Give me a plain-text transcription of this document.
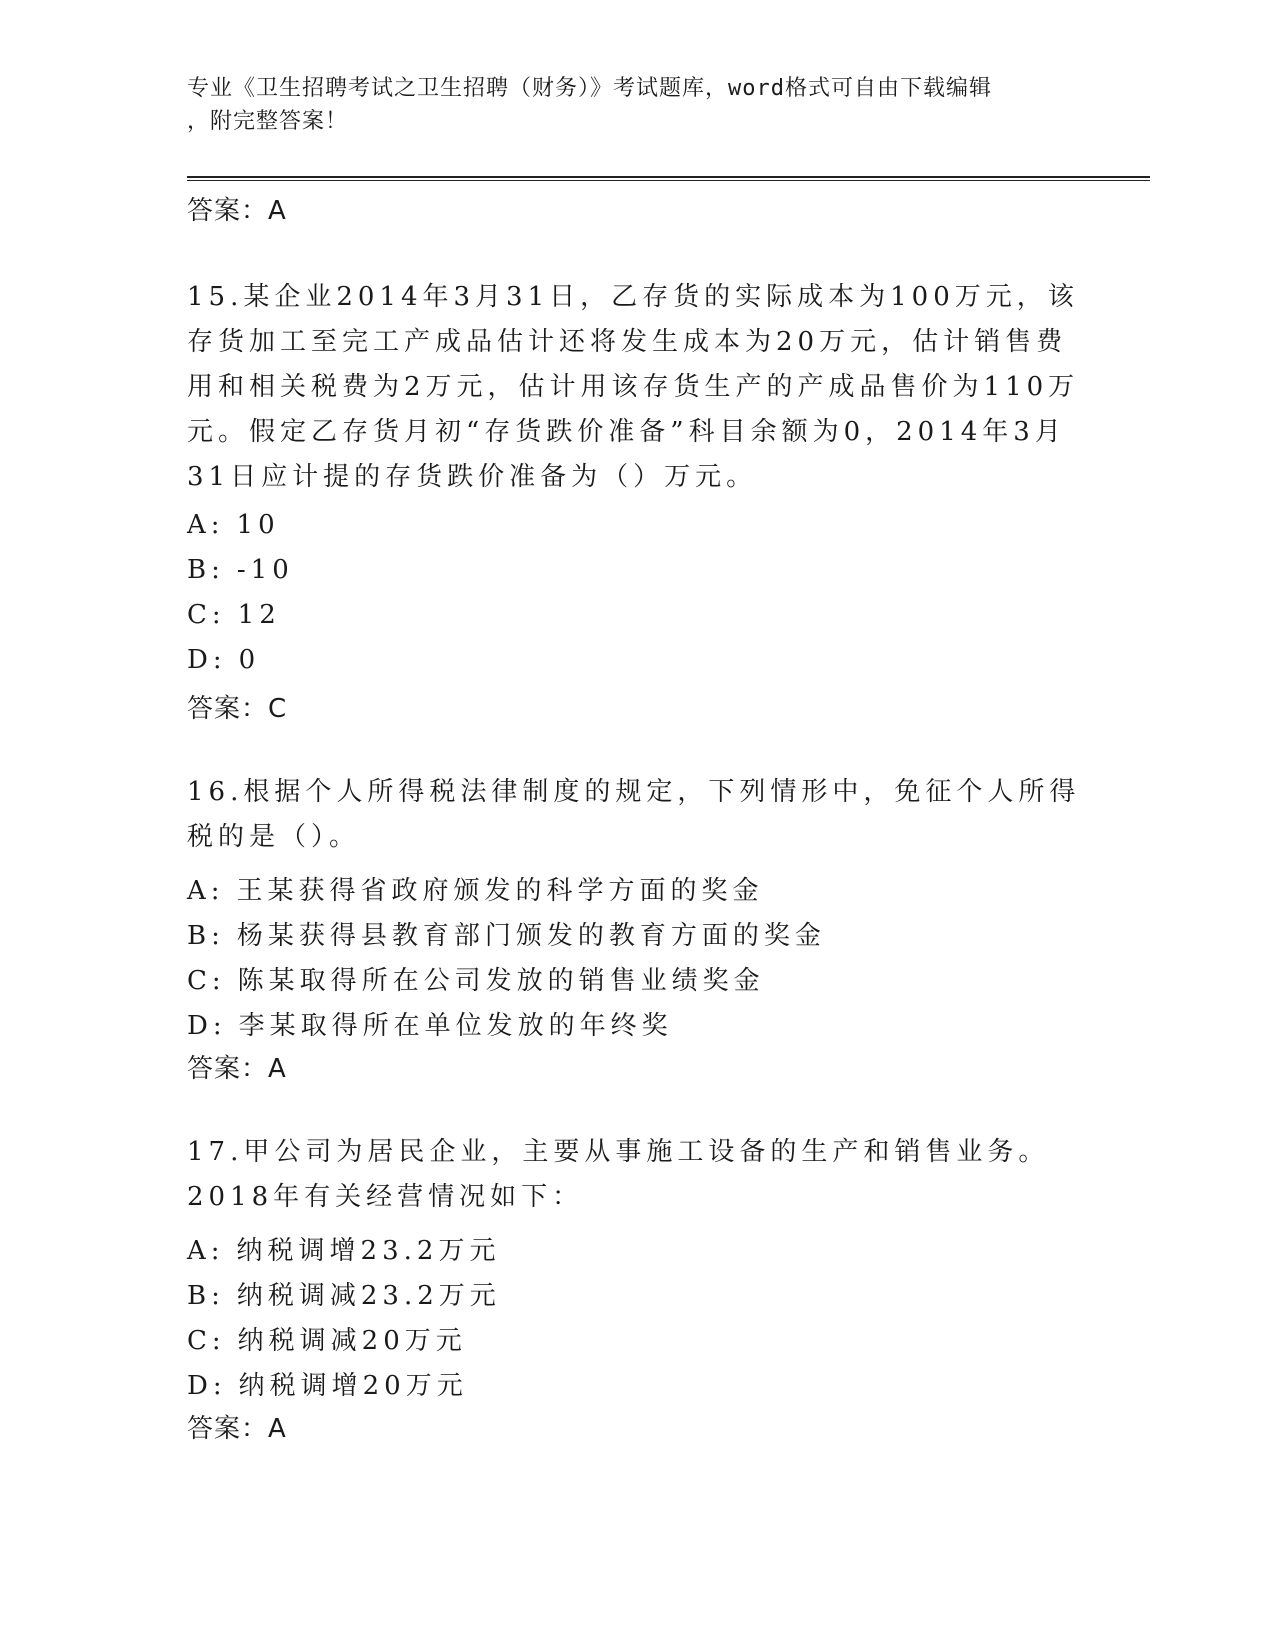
专业《卫生招聘考试之卫生招聘（财务）》考试题库，word格式可自由下载编辑
，附完整答案！
答案：A
15.某企业2014年3月31日，乙存货的实际成本为100万元，该存货加工至完工产成品估计还将发生成本为20万元，估计销售费用和相关税费为2万元，估计用该存货生产的产成品售价为110万元。假定乙存货月初“存货跌价准备”科目余额为0，2014年3月31日应计提的存货跌价准备为（）万元。
A: 10
B: -10
C: 12
D: 0
答案：C
16.根据个人所得税法律制度的规定，下列情形中，免征个人所得税的是（）。
A: 王某获得省政府颁发的科学方面的奖金
B: 杨某获得县教育部门颁发的教育方面的奖金
C: 陈某取得所在公司发放的销售业绩奖金
D: 李某取得所在单位发放的年终奖
答案：A
17.甲公司为居民企业，主要从事施工设备的生产和销售业务。2018年有关经营情况如下：
A: 纳税调增23.2万元
B: 纳税调减23.2万元
C: 纳税调减20万元
D: 纳税调增20万元
答案：A
